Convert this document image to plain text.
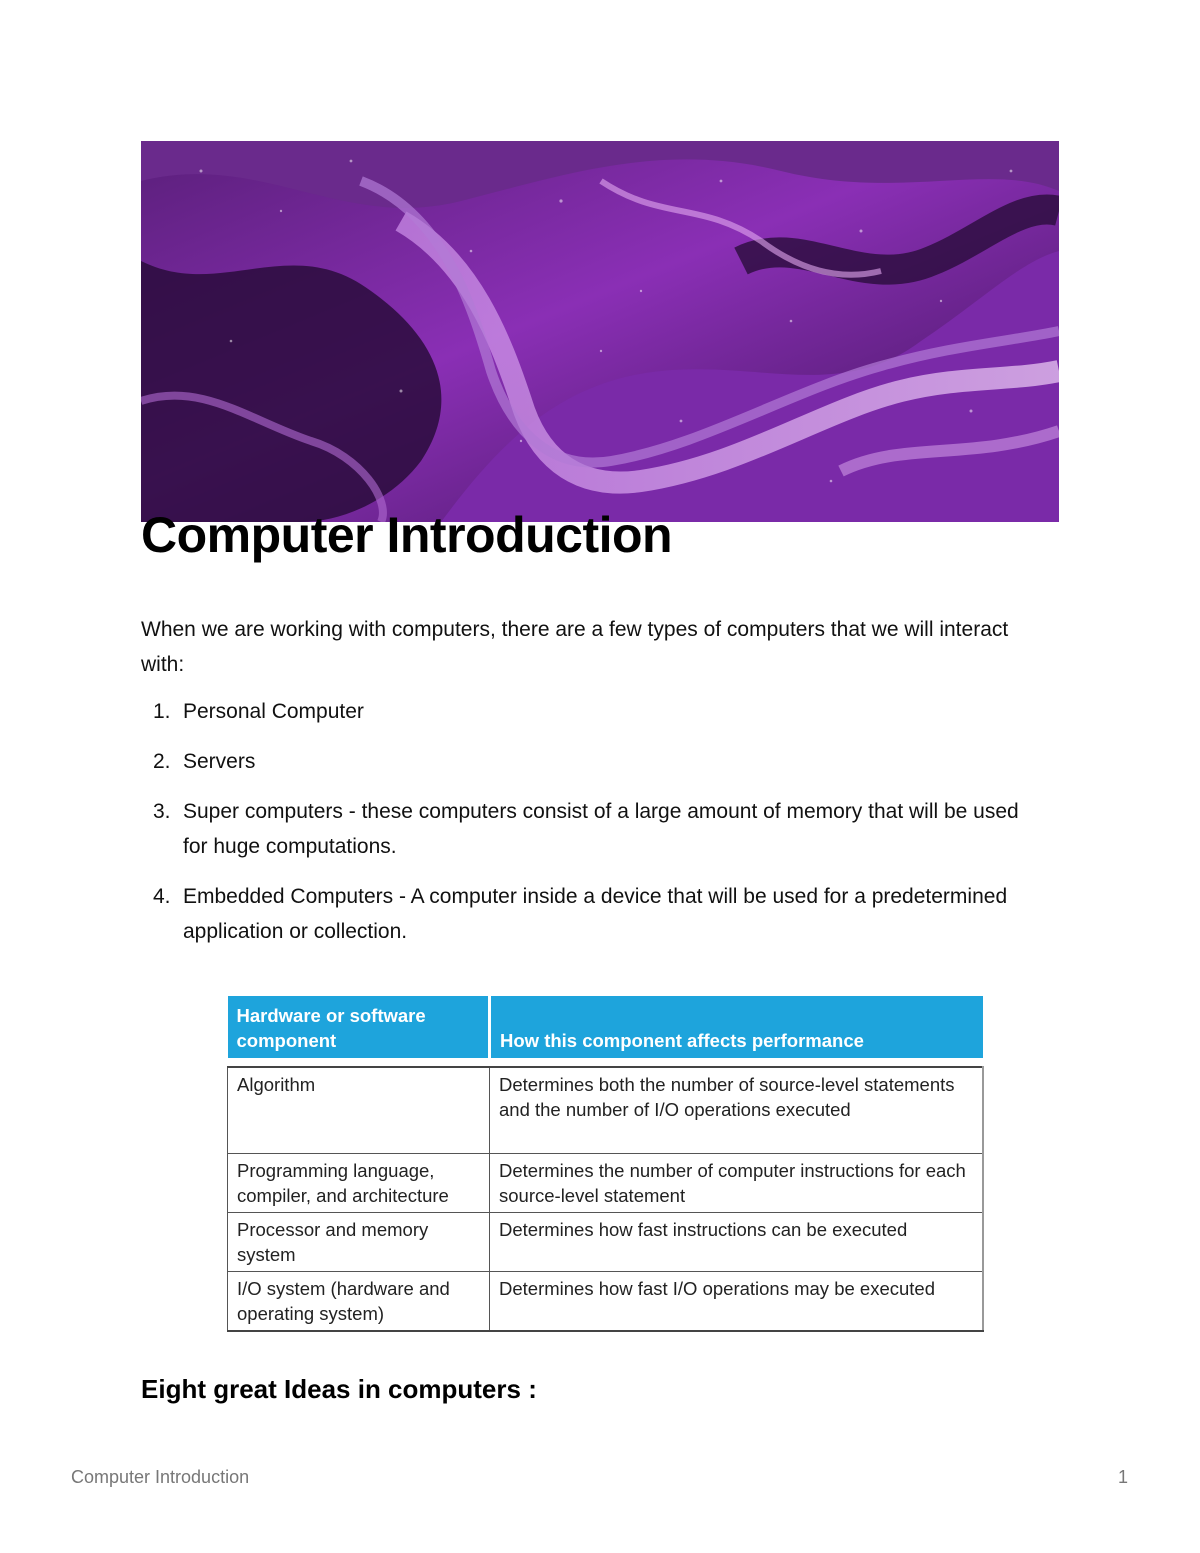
Computer Introduction

When we are working with computers, there are a few types of computers that we will interact with:

1. Personal Computer
2. Servers
3. Super computers - these computers consist of a large amount of memory that will be used for huge computations.
4. Embedded Computers - A computer inside a device that will be used for a predetermined application or collection.
Hardware or software component	How this component affects performance

Algorithm	Determines both the number of source-level statements and the number of I/O operations executed
Programming language, compiler, and architecture	Determines the number of computer instructions for each source-level statement
Processor and memory system	Determines how fast instructions can be executed
I/O system (hardware and operating system)	Determines how fast I/O operations may be executed
Eight great Ideas in computers :
Computer Introduction	1
